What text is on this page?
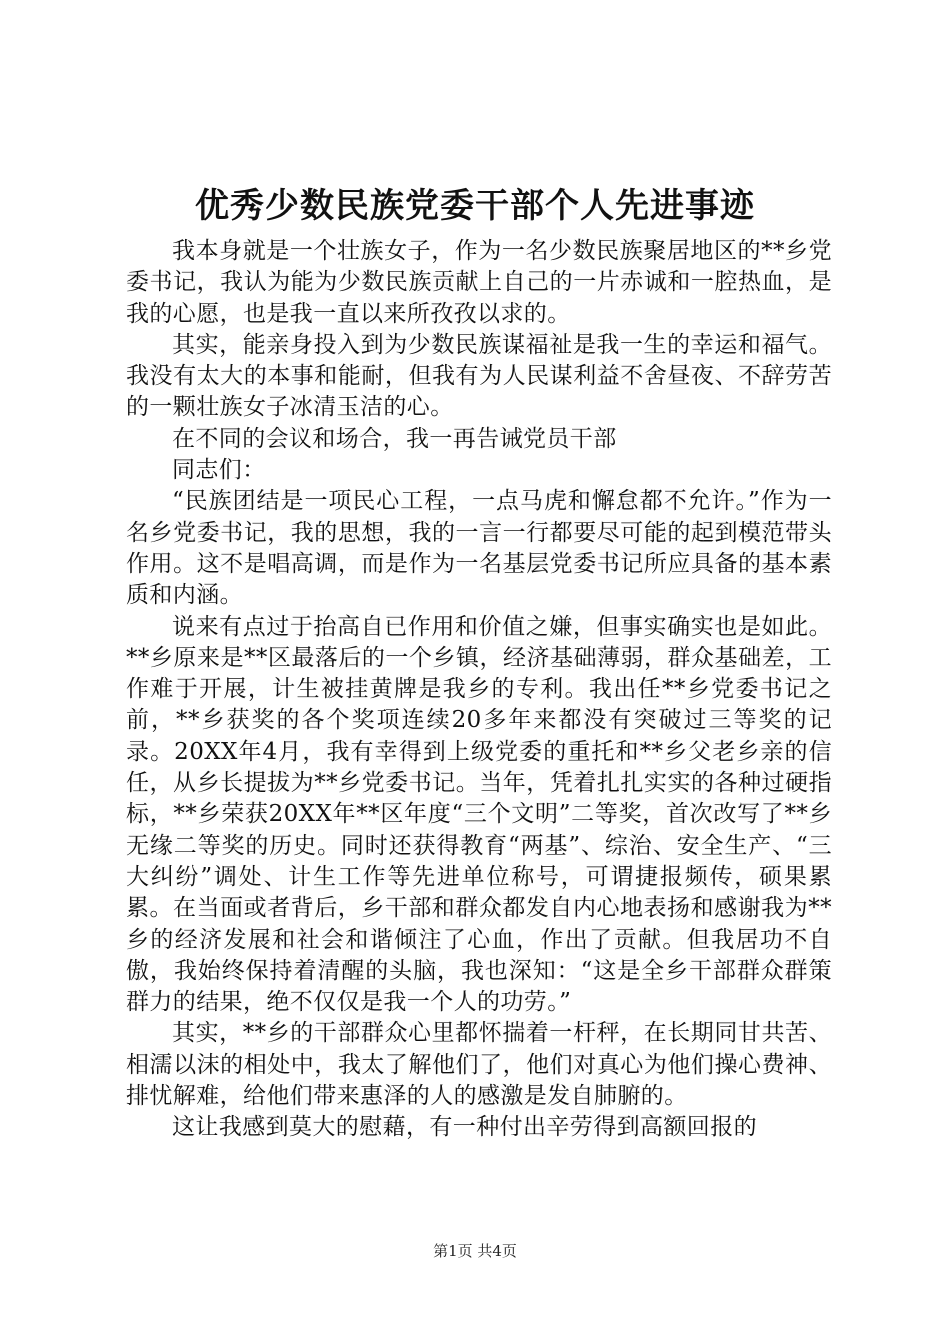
优秀少数民族党委干部个人先进事迹

我本身就是一个壮族女子，作为一名少数民族聚居地区的**乡党委书记，我认为能为少数民族贡献上自己的一片赤诚和一腔热血，是我的心愿，也是我一直以来所孜孜以求的。

其实，能亲身投入到为少数民族谋福祉是我一生的幸运和福气。我没有太大的本事和能耐，但我有为人民谋利益不舍昼夜、不辞劳苦的一颗壮族女子冰清玉洁的心。

在不同的会议和场合，我一再告诫党员干部

同志们：

“民族团结是一项民心工程，一点马虎和懈怠都不允许。”作为一名乡党委书记，我的思想，我的一言一行都要尽可能的起到模范带头作用。这不是唱高调，而是作为一名基层党委书记所应具备的基本素质和内涵。

说来有点过于抬高自已作用和价值之嫌，但事实确实也是如此。**乡原来是**区最落后的一个乡镇，经济基础薄弱，群众基础差，工作难于开展，计生被挂黄牌是我乡的专利。我出任**乡党委书记之前，**乡获奖的各个奖项连续20多年来都没有突破过三等奖的记录。20XX年4月，我有幸得到上级党委的重托和**乡父老乡亲的信任，从乡长提拔为**乡党委书记。当年，凭着扎扎实实的各种过硬指标，**乡荣获20XX年**区年度“三个文明”二等奖，首次改写了**乡无缘二等奖的历史。同时还获得教育“两基”、综治、安全生产、“三大纠纷”调处、计生工作等先进单位称号，可谓捷报频传，硕果累累。在当面或者背后，乡干部和群众都发自内心地表扬和感谢我为**乡的经济发展和社会和谐倾注了心血，作出了贡献。但我居功不自傲，我始终保持着清醒的头脑，我也深知：“这是全乡干部群众群策群力的结果，绝不仅仅是我一个人的功劳。”

其实，**乡的干部群众心里都怀揣着一杆秤，在长期同甘共苦、相濡以沫的相处中，我太了解他们了，他们对真心为他们操心费神、排忧解难，给他们带来惠泽的人的感激是发自肺腑的。

这让我感到莫大的慰藉，有一种付出辛劳得到高额回报的

第1页 共4页
